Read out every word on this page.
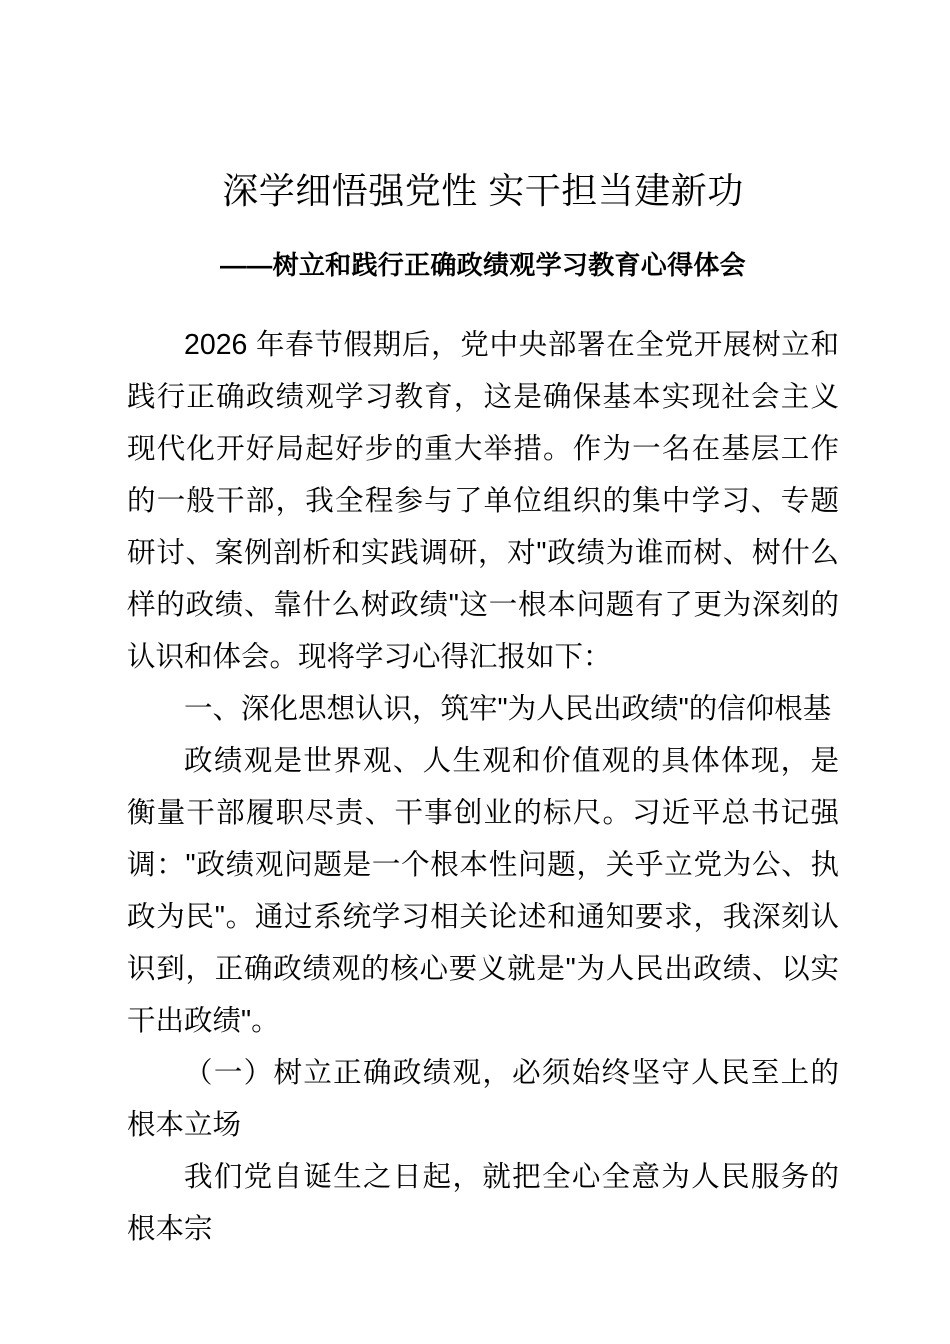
深学细悟强党性 实干担当建新功
——树立和践行正确政绩观学习教育心得体会

2026 年春节假期后，党中央部署在全党开展树立和践行正确政绩观学习教育，这是确保基本实现社会主义现代化开好局起好步的重大举措。作为一名在基层工作的一般干部，我全程参与了单位组织的集中学习、专题研讨、案例剖析和实践调研，对"政绩为谁而树、树什么样的政绩、靠什么树政绩"这一根本问题有了更为深刻的认识和体会。现将学习心得汇报如下：

一、深化思想认识，筑牢"为人民出政绩"的信仰根基

政绩观是世界观、人生观和价值观的具体体现，是衡量干部履职尽责、干事创业的标尺。习近平总书记强调："政绩观问题是一个根本性问题，关乎立党为公、执政为民"。通过系统学习相关论述和通知要求，我深刻认识到，正确政绩观的核心要义就是"为人民出政绩、以实干出政绩"。

（一）树立正确政绩观，必须始终坚守人民至上的根本立场

我们党自诞生之日起，就把全心全意为人民服务的根本宗
